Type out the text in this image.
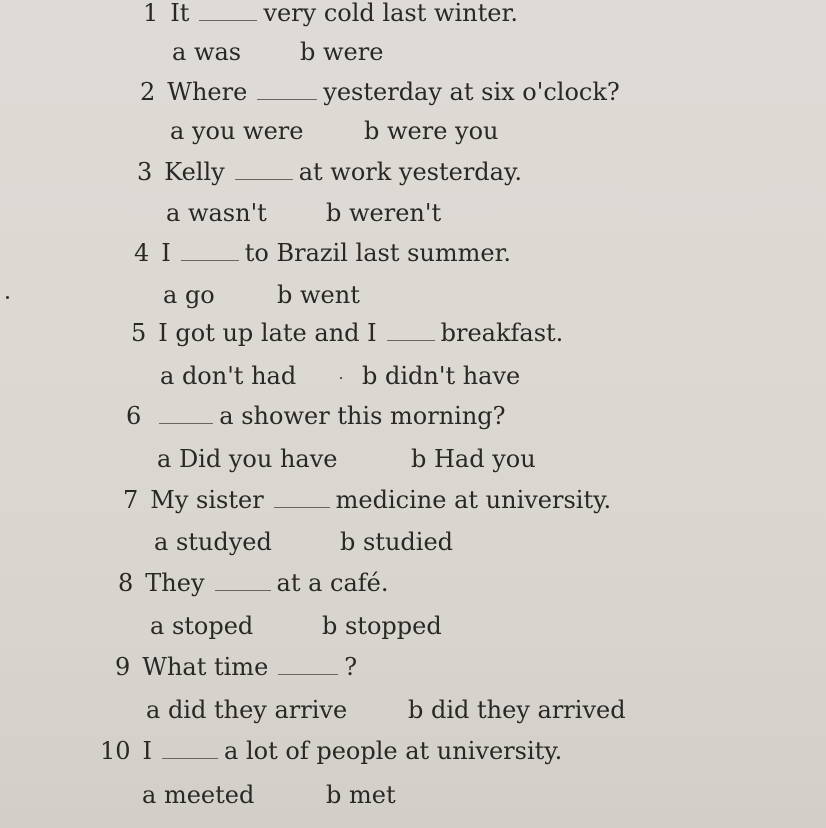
1 It	very cold last winter.
a was b were
2 Where	yesterday at six o'clock?
a you were	b were you
3 Kelly	at work yesterday.
a wasn't b weren't
4 I	to Brazil last summer.
a go	b went
5 I got up late and I	breakfast.
a don't had	b didn't have
6	a shower this morning?
a Did you have	b Had you
7 My sister	medicine at university.
a studyed	b studied
8 They	at a café.
a stoped	b stopped
9 What time	?
a did they arrive	b did they arrived
10 I	a lot of people at university.
a meeted	b met
